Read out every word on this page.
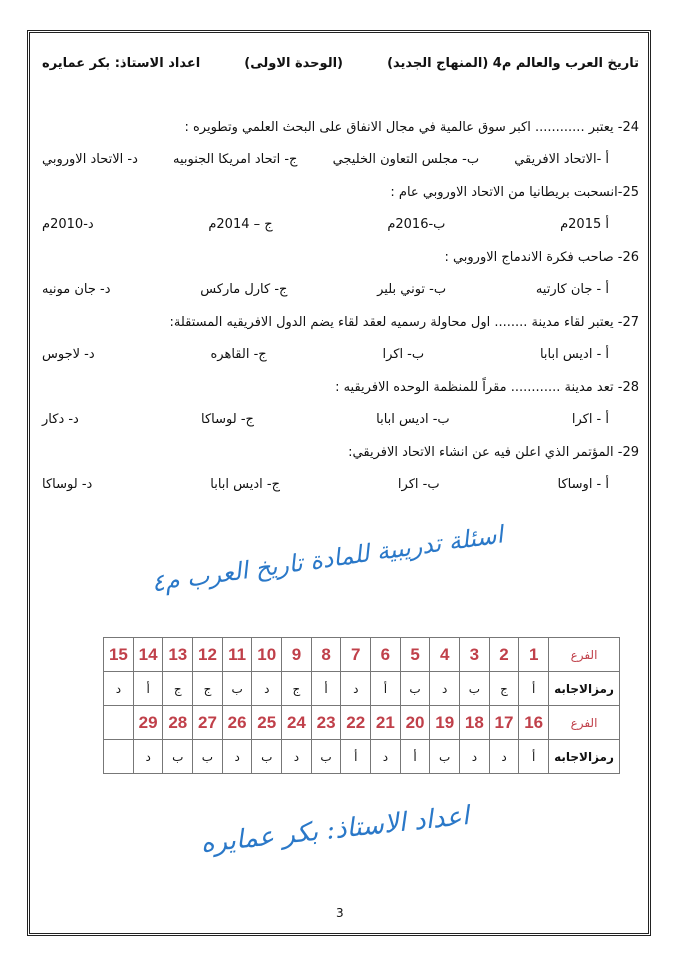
تاريخ العرب والعالم م4 (المنهاج الجديد)
(الوحدة الاولى)
اعداد الاستاذ: بكر عمايره
24- يعتبر ............ اكبر سوق عالمية في مجال الانفاق على البحث العلمي وتطويره :
أ -الاتحاد الافريقي
ب- مجلس التعاون الخليجي
ج- اتحاد امريكا الجنوبيه
د- الاتحاد الاوروبي
25-انسحبت بريطانيا من الاتحاد الاوروبي عام :
أ 2015م
ب-2016م
ج – 2014م
د-2010م
26- صاحب فكرة الاندماج الاوروبي :
أ - جان كارتيه
ب- توني بلير
ج- كارل ماركس
د- جان مونيه
27- يعتبر لقاء مدينة ........ اول محاولة رسميه لعقد لقاء يضم الدول الافريقيه المستقلة:
أ - اديس ابابا
ب- اكرا
ج- القاهره
د- لاجوس
28- تعد مدينة ............ مقراً للمنظمة الوحده الافريقيه :
أ - اكرا
ب- اديس ابابا
ج- لوساكا
د- دكار
29- المؤتمر الذي اعلن فيه عن انشاء الاتحاد الافريقي:
أ - اوساكا
ب- اكرا
ج- اديس ابابا
د- لوساكا
اسئلة تدريبية للمادة تاريخ العرب م٤
الفرع	1	2	3	4	5	6	7	8	9	10	11	12	13	14	15
رمزالاجابه	أ	ج	ب	د	ب	أ	د	أ	ج	د	ب	ج	ج	أ	د
الفرع	16	17	18	19	20	21	22	23	24	25	26	27	28	29	
رمزالاجابه	أ	د	د	ب	أ	د	أ	ب	د	ب	د	ب	ب	د	
اعداد الاستاذ: بكر عمايره
3
